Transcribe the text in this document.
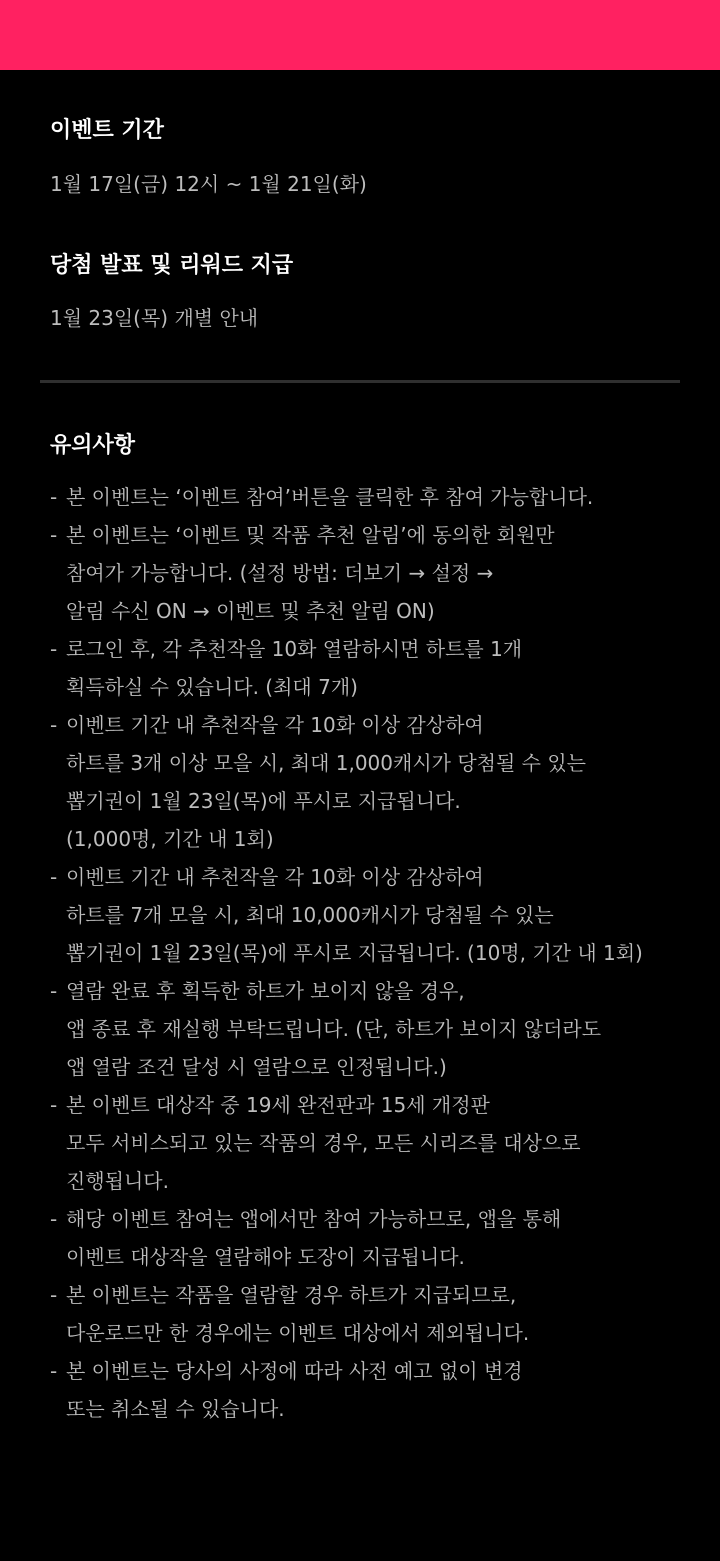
이벤트 기간

1월 17일(금) 12시 ~ 1월 21일(화)

당첨 발표 및 리워드 지급

1월 23일(목) 개별 안내

유의사항
- 본 이벤트는 ‘이벤트 참여’버튼을 클릭한 후 참여 가능합니다.
- 본 이벤트는 ‘이벤트 및 작품 추천 알림’에 동의한 회원만
참여가 가능합니다. (설정 방법: 더보기 → 설정 →
알림 수신 ON → 이벤트 및 추천 알림 ON)
- 로그인 후, 각 추천작을 10화 열람하시면 하트를 1개
획득하실 수 있습니다. (최대 7개)
- 이벤트 기간 내 추천작을 각 10화 이상 감상하여
하트를 3개 이상 모을 시, 최대 1,000캐시가 당첨될 수 있는
뽑기권이 1월 23일(목)에 푸시로 지급됩니다.
(1,000명, 기간 내 1회)
- 이벤트 기간 내 추천작을 각 10화 이상 감상하여
하트를 7개 모을 시, 최대 10,000캐시가 당첨될 수 있는
뽑기권이 1월 23일(목)에 푸시로 지급됩니다. (10명, 기간 내 1회)
- 열람 완료 후 획득한 하트가 보이지 않을 경우,
앱 종료 후 재실행 부탁드립니다. (단, 하트가 보이지 않더라도
앱 열람 조건 달성 시 열람으로 인정됩니다.)
- 본 이벤트 대상작 중 19세 완전판과 15세 개정판
모두 서비스되고 있는 작품의 경우, 모든 시리즈를 대상으로
진행됩니다.
- 해당 이벤트 참여는 앱에서만 참여 가능하므로, 앱을 통해
이벤트 대상작을 열람해야 도장이 지급됩니다.
- 본 이벤트는 작품을 열람할 경우 하트가 지급되므로,
다운로드만 한 경우에는 이벤트 대상에서 제외됩니다.
- 본 이벤트는 당사의 사정에 따라 사전 예고 없이 변경
또는 취소될 수 있습니다.
